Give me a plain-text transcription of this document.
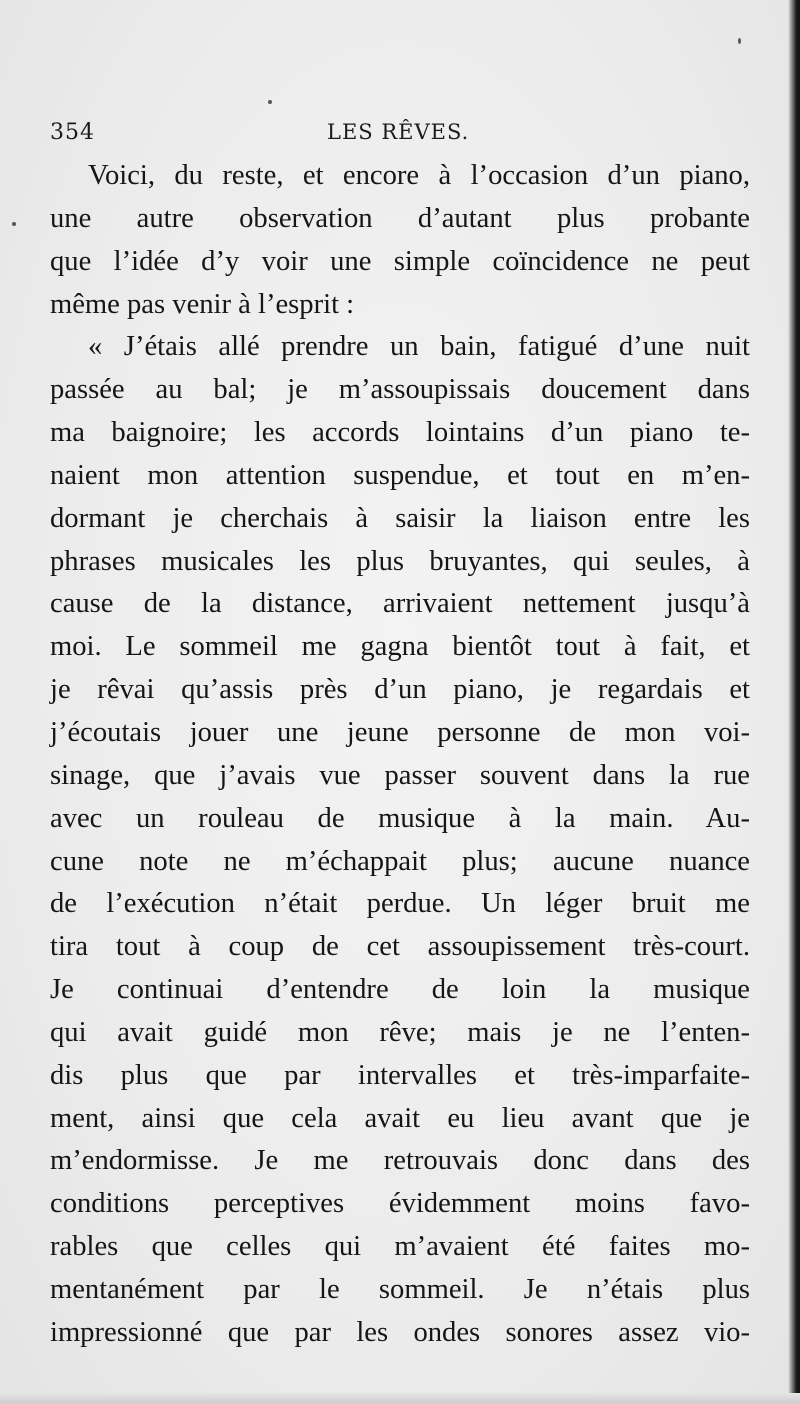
354	LES RÊVES.
Voici, du reste, et encore à l’occasion d’un piano,
une autre observation d’autant plus probante
que l’idée d’y voir une simple coïncidence ne peut
même pas venir à l’esprit :
« J’étais allé prendre un bain, fatigué d’une nuit
passée au bal; je m’assoupissais doucement dans
ma baignoire; les accords lointains d’un piano te-
naient mon attention suspendue, et tout en m’en-
dormant je cherchais à saisir la liaison entre les
phrases musicales les plus bruyantes, qui seules, à
cause de la distance, arrivaient nettement jusqu’à
moi. Le sommeil me gagna bientôt tout à fait, et
je rêvai qu’assis près d’un piano, je regardais et
j’écoutais jouer une jeune personne de mon voi-
sinage, que j’avais vue passer souvent dans la rue
avec un rouleau de musique à la main. Au-
cune note ne m’échappait plus; aucune nuance
de l’exécution n’était perdue. Un léger bruit me
tira tout à coup de cet assoupissement très-court.
Je continuai d’entendre de loin la musique
qui avait guidé mon rêve; mais je ne l’enten-
dis plus que par intervalles et très-imparfaite-
ment, ainsi que cela avait eu lieu avant que je
m’endormisse. Je me retrouvais donc dans des
conditions perceptives évidemment moins favo-
rables que celles qui m’avaient été faites mo-
mentanément par le sommeil. Je n’étais plus
impressionné que par les ondes sonores assez vio-
